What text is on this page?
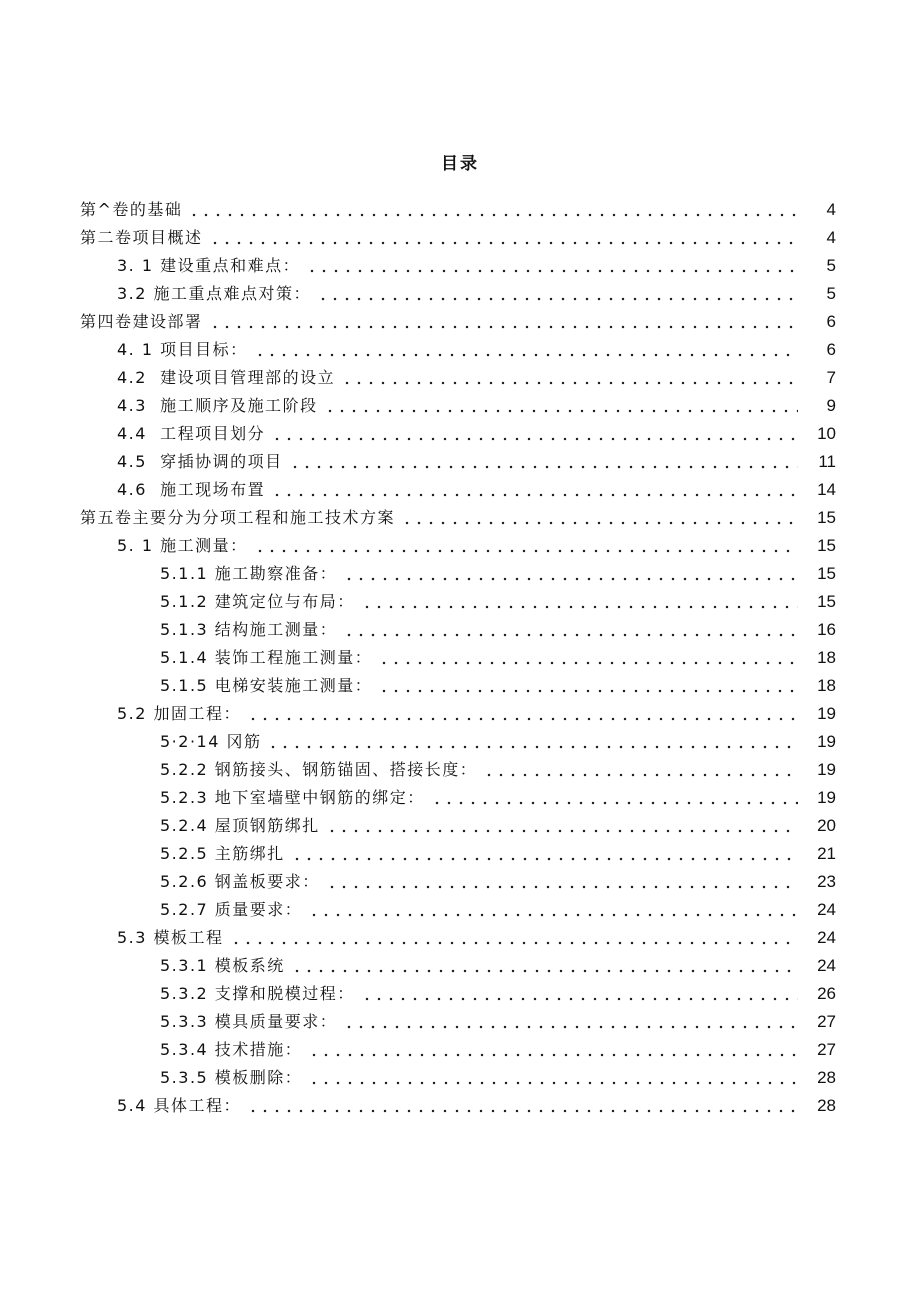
目录
第^卷的基础	4
第二卷项目概述	4
3. 1 建设重点和难点：	5
3.2 施工重点难点对策：	5
第四卷建设部署	6
4. 1 项目目标：	6
4.2  建设项目管理部的设立	7
4.3  施工顺序及施工阶段	9
4.4  工程项目划分	10
4.5  穿插协调的项目	11
4.6  施工现场布置	14
第五卷主要分为分项工程和施工技术方案	15
5. 1 施工测量：	15
5.1.1 施工勘察准备：	15
5.1.2 建筑定位与布局：	15
5.1.3 结构施工测量：	16
5.1.4 装饰工程施工测量：	18
5.1.5 电梯安装施工测量：	18
5.2 加固工程：	19
5·2·14 冈筋	19
5.2.2 钢筋接头、钢筋锚固、搭接长度：	19
5.2.3 地下室墙壁中钢筋的绑定：	19
5.2.4 屋顶钢筋绑扎	20
5.2.5 主筋绑扎	21
5.2.6 钢盖板要求：	23
5.2.7 质量要求：	24
5.3 模板工程	24
5.3.1 模板系统	24
5.3.2 支撑和脱模过程：	26
5.3.3 模具质量要求：	27
5.3.4 技术措施：	27
5.3.5 模板删除：	28
5.4 具体工程：	28
